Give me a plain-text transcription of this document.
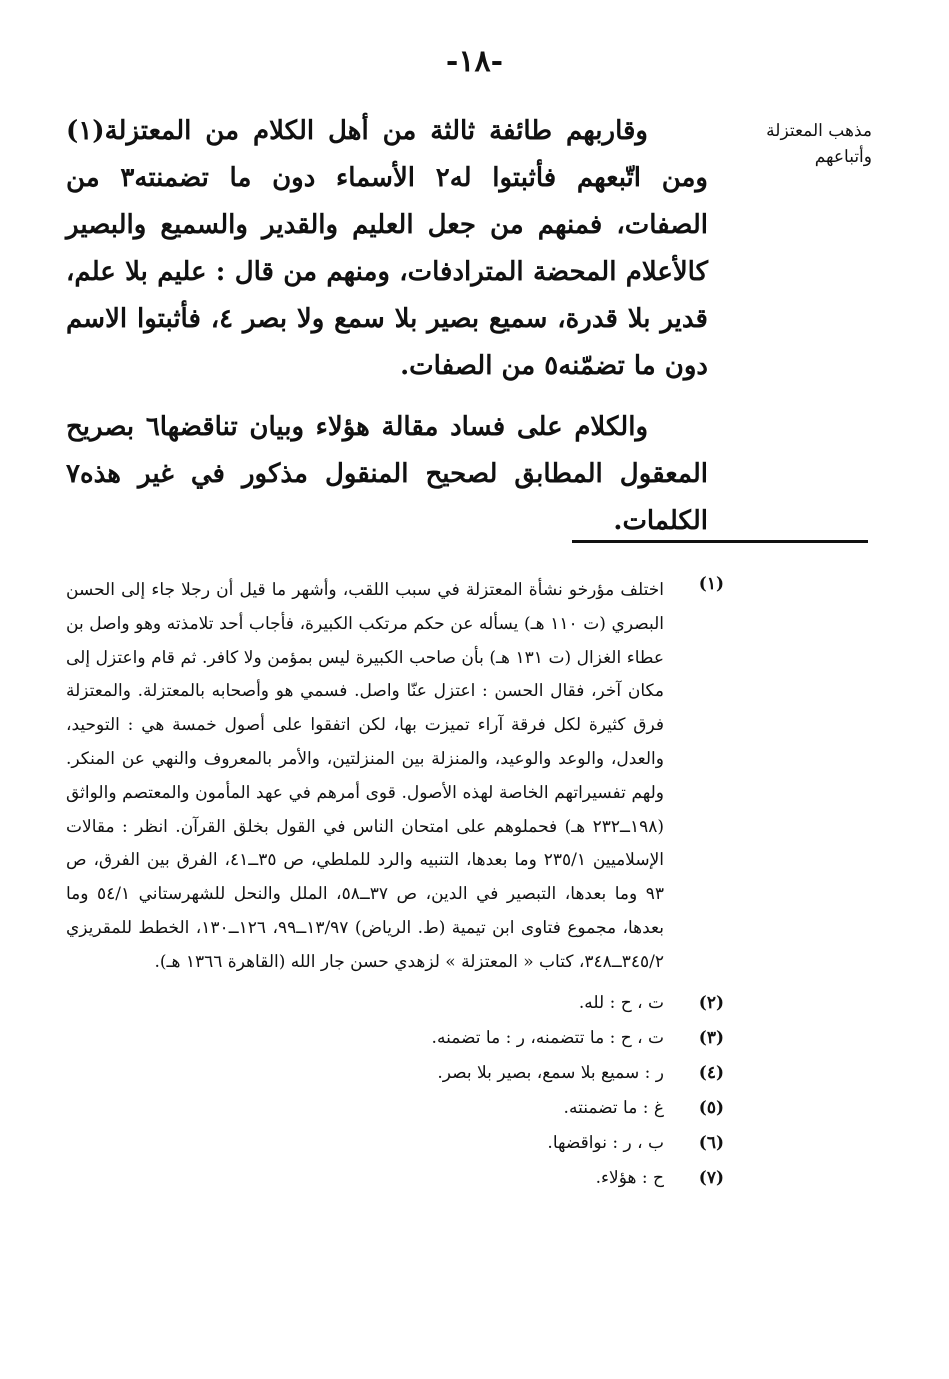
-١٨-
مذهب المعتزلة
وأتباعهم

وقاربهم طائفة ثالثة من أهل الكلام من المعتزلة(١) ومن اتّبعهم فأثبتوا له٢ الأسماء دون ما تضمنته٣ من الصفات، فمنهم من جعل العليم والقدير والسميع والبصير كالأعلام المحضة المترادفات، ومنهم من قال : عليم بلا علم، قدير بلا قدرة، سميع بصير بلا سمع ولا بصر ٤، فأثبتوا الاسم دون ما تضمّنه٥ من الصفات.

والكلام على فساد مقالة هؤلاء وبيان تناقضها٦ بصريح المعقول المطابق لصحيح المنقول مذكور في غير هذه٧ الكلمات.

(١)
اختلف مؤرخو نشأة المعتزلة في سبب اللقب، وأشهر ما قيل أن رجلا جاء إلى الحسن البصري (ت ١١٠ هـ) يسأله عن حكم مرتكب الكبيرة، فأجاب أحد تلامذته وهو واصل بن عطاء الغزال (ت ١٣١ هـ) بأن صاحب الكبيرة ليس بمؤمن ولا كافر. ثم قام واعتزل إلى مكان آخر، فقال الحسن : اعتزل عنّا واصل. فسمي هو وأصحابه بالمعتزلة. والمعتزلة فرق كثيرة لكل فرقة آراء تميزت بها، لكن اتفقوا على أصول خمسة هي : التوحيد، والعدل، والوعد والوعيد، والمنزلة بين المنزلتين، والأمر بالمعروف والنهي عن المنكر. ولهم تفسيراتهم الخاصة لهذه الأصول. قوى أمرهم في عهد المأمون والمعتصم والواثق (١٩٨ــ٢٣٢ هـ) فحملوهم على امتحان الناس في القول بخلق القرآن. انظر : مقالات الإسلاميين ٢٣٥/١ وما بعدها، التنبيه والرد للملطي، ص ٣٥ــ٤١، الفرق بين الفرق، ص ٩٣ وما بعدها، التبصير في الدين، ص ٣٧ــ٥٨، الملل والنحل للشهرستاني ٥٤/١ وما بعدها، مجموع فتاوى ابن تيمية (ط. الرياض) ١٣/٩٧ــ٩٩، ١٢٦ــ١٣٠، الخطط للمقريزي ٣٤٥/٢ــ٣٤٨، كتاب « المعتزلة » لزهدي حسن جار الله (القاهرة ١٣٦٦ هـ).
(٢)
ت ، ح : لله.
(٣)
ت ، ح : ما تتضمنه، ر : ما تضمنه.
(٤)
ر : سميع بلا سمع، بصير بلا بصر.
(٥)
غ : ما تضمنته.
(٦)
ب ، ر : نواقضها.
(٧)
ح : هؤلاء.
